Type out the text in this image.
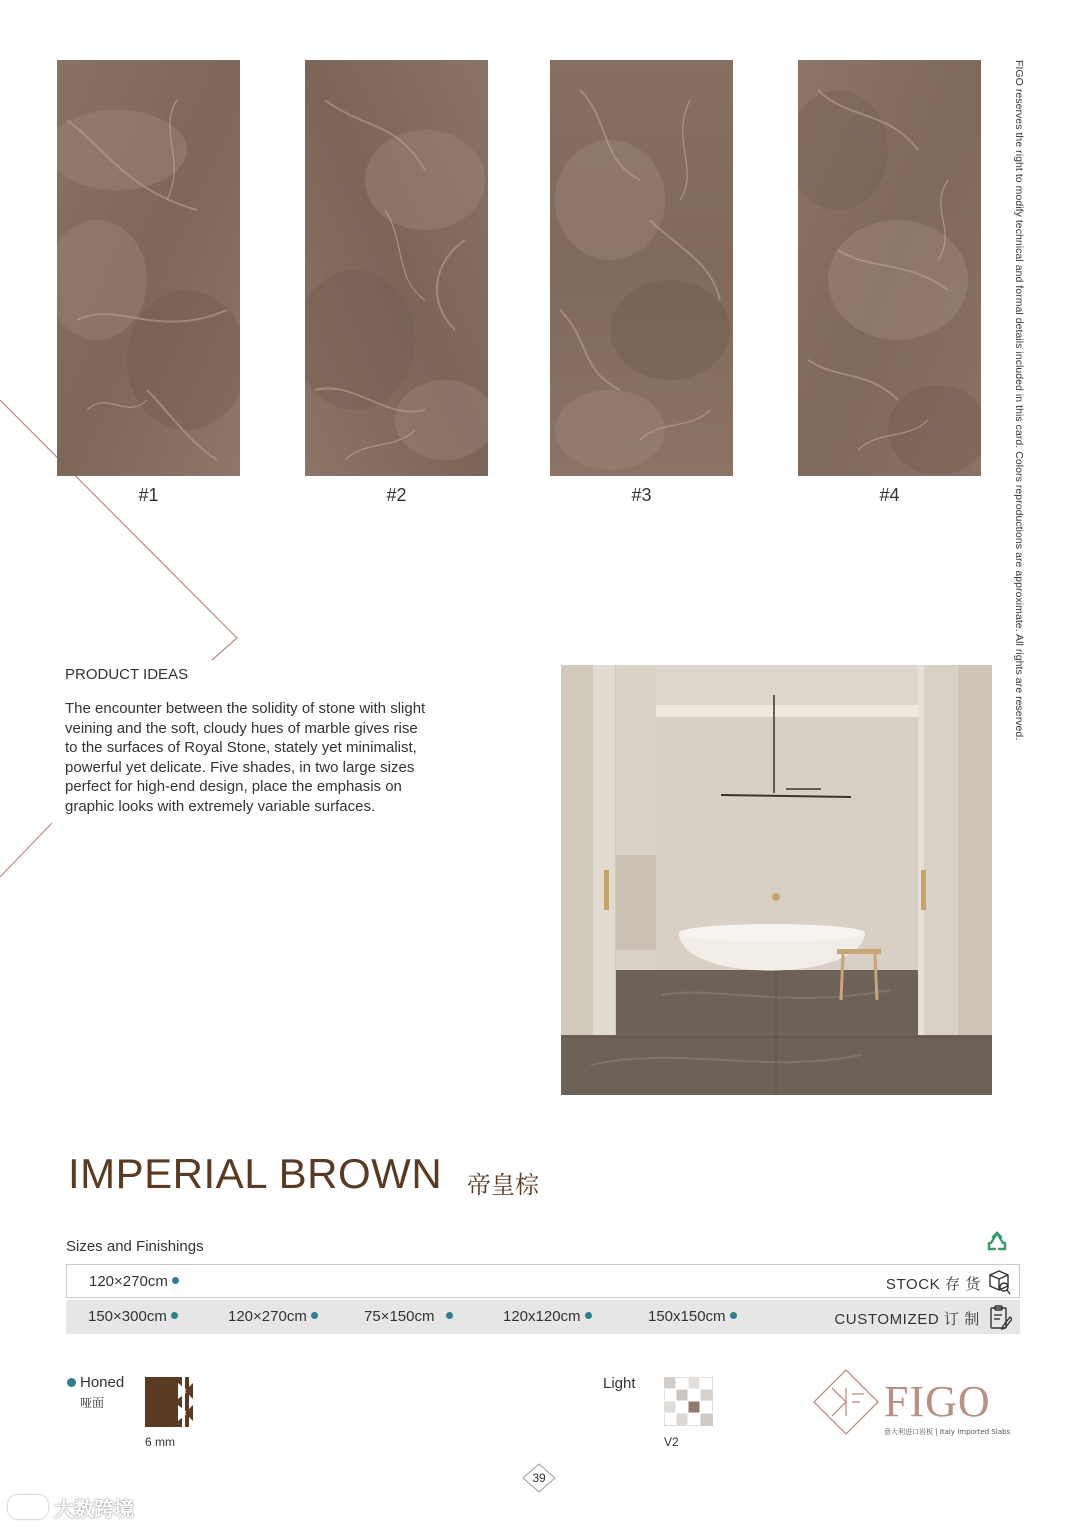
#1	#2	#3	#4	FIGO reserves the right to modify technical and formal details included in this card. Colors reproductions are approximate. All rights are reserved.
PRODUCT IDEAS
The encounter between the solidity of stone with slight
veining and the soft, cloudy hues of marble gives rise
to the surfaces of Royal Stone, stately yet minimalist,
powerful yet delicate. Five shades, in two large sizes
perfect for high-end design, place the emphasis on
graphic looks with extremely variable surfaces.
IMPERIAL BROWN 帝皇棕
Sizes and Finishings
120×270cm	STOCK 存 货
150×300cm	120×270cm	75×150cm	120x120cm	150x150cm	CUSTOMIZED 订 制
Honed
哑面
6 mm
Light
V2
FIGO
意大利进口岩板 | Italy Imported Slabs
39
大数跨境
